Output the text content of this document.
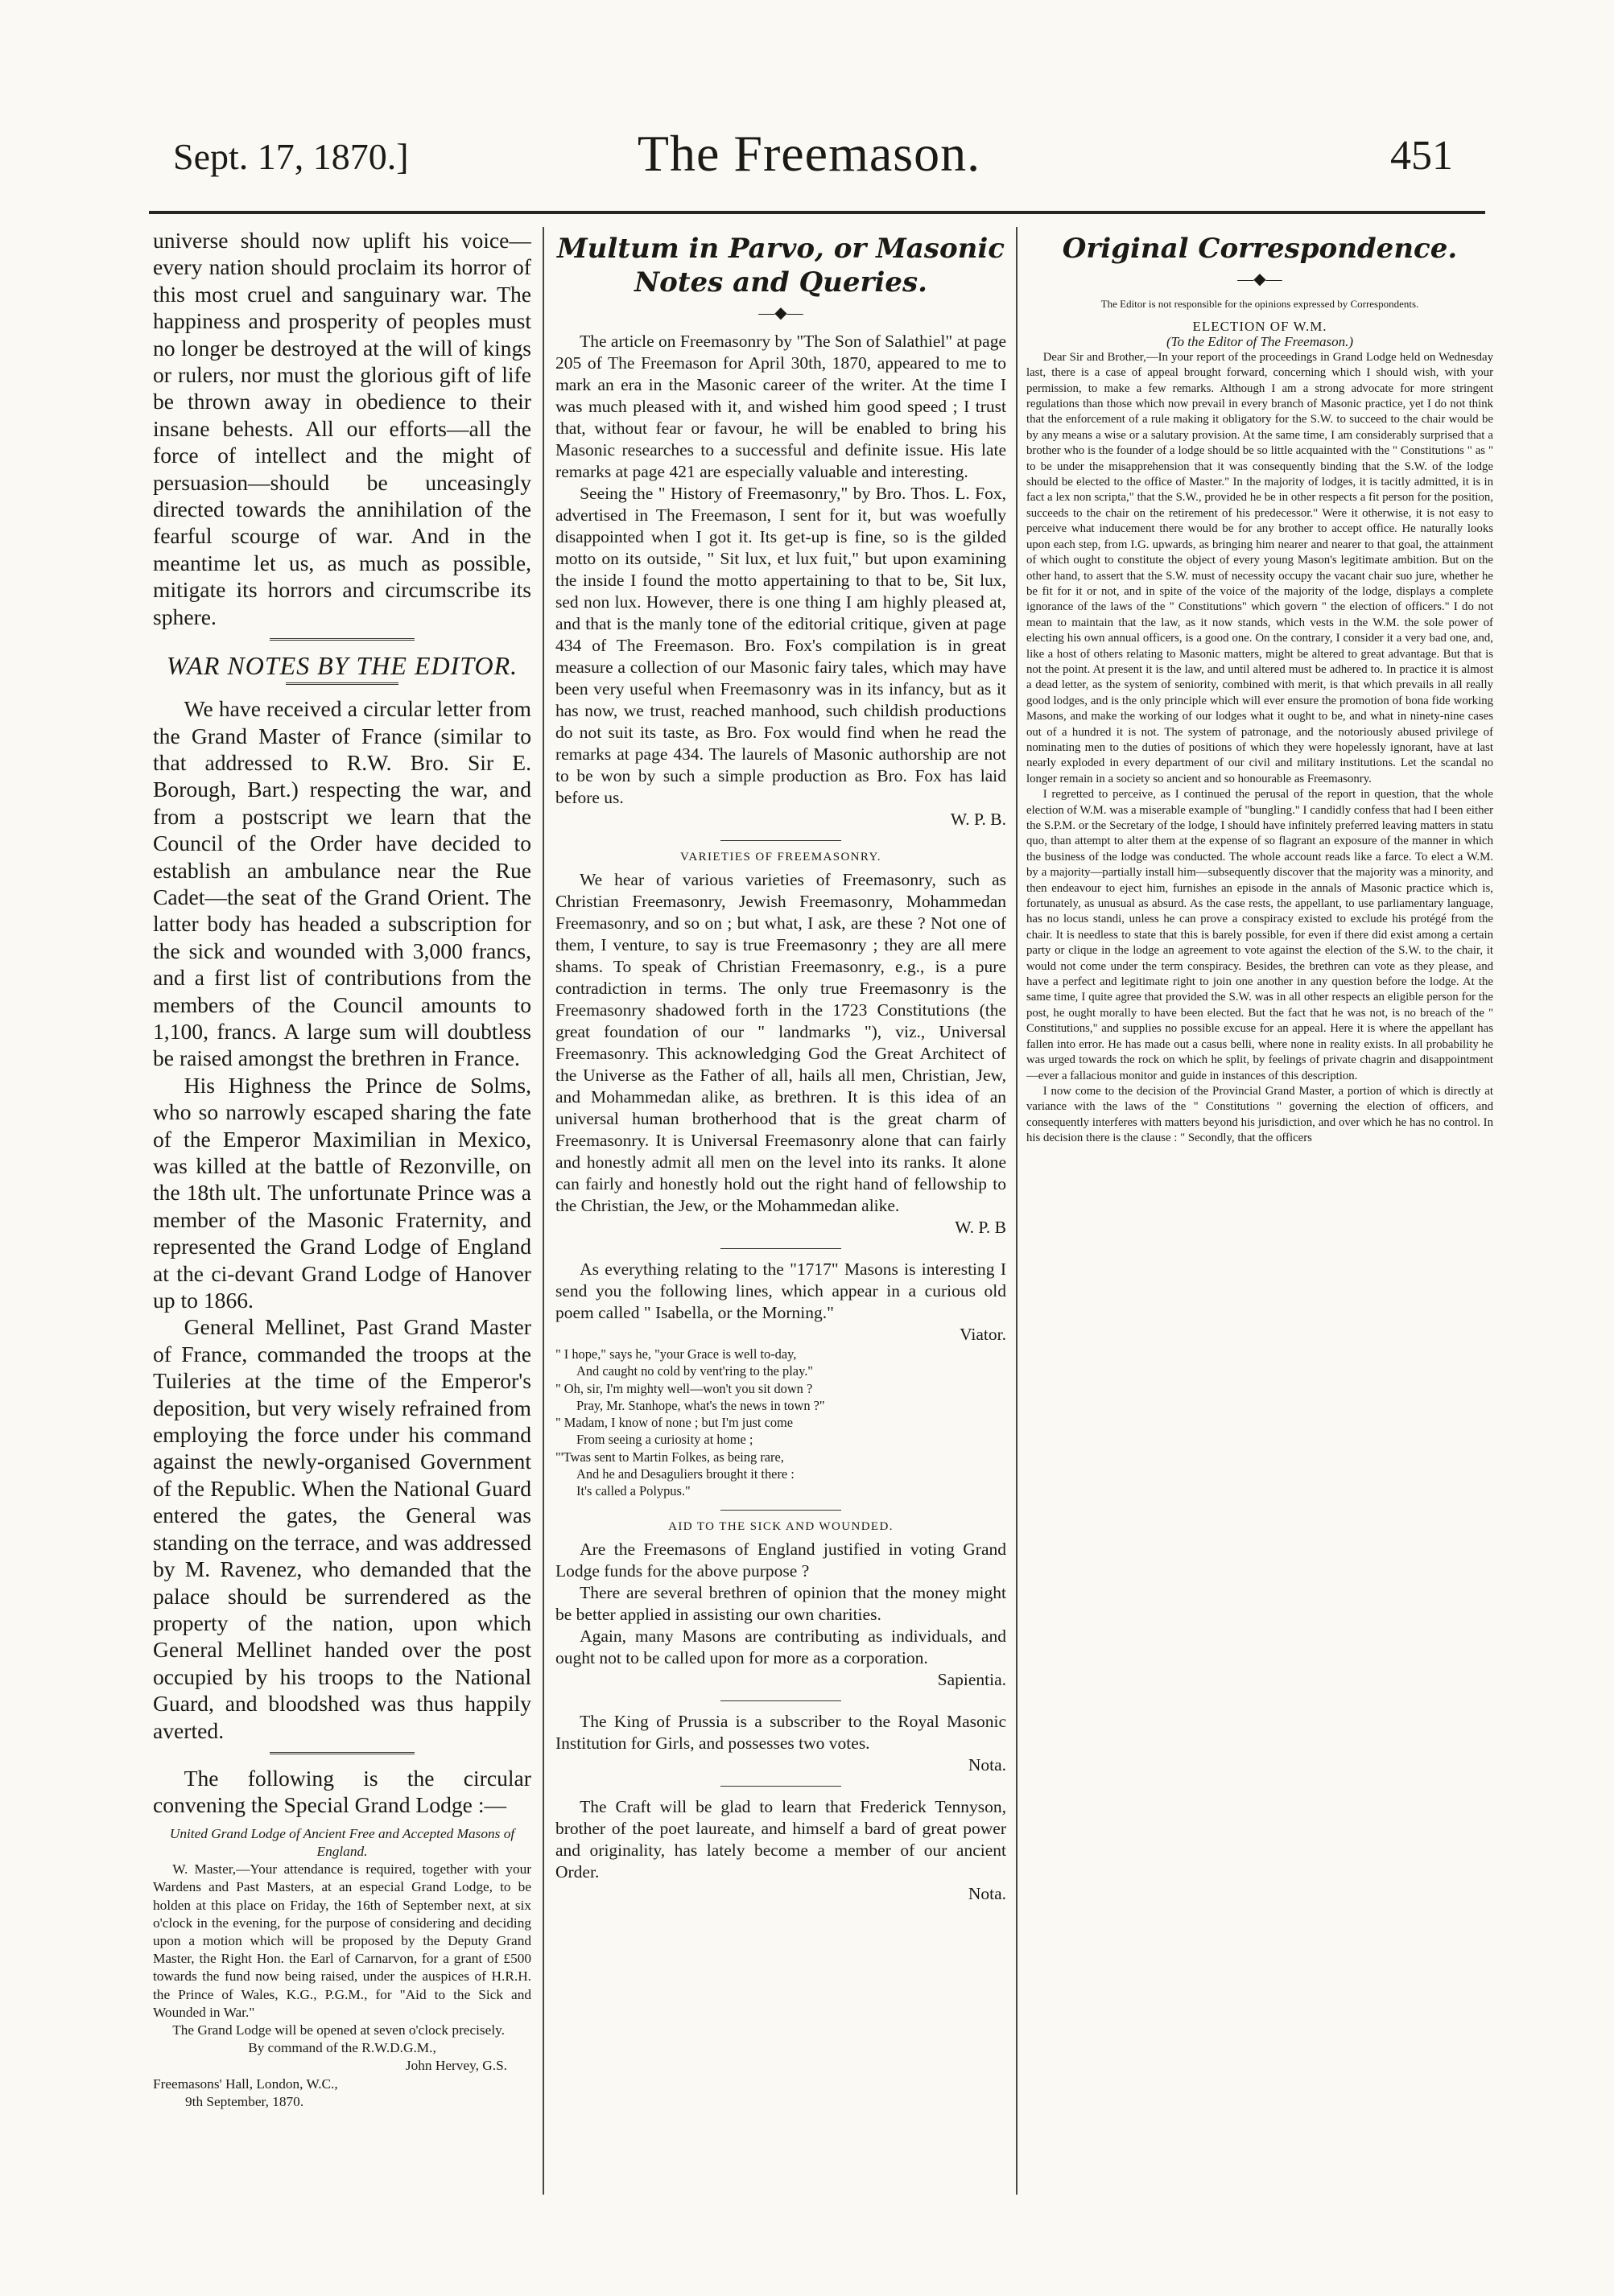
Sept. 17, 1870.]	The Freemason.	451

universe should now uplift his voice—every nation should proclaim its horror of this most cruel and sanguinary war. The happiness and prosperity of peoples must no longer be destroyed at the will of kings or rulers, nor must the glorious gift of life be thrown away in obedience to their insane behests. All our efforts—all the force of intellect and the might of persuasion—should be unceasingly directed towards the annihilation of the fearful scourge of war. And in the meantime let us, as much as possible, mitigate its horrors and circumscribe its sphere.

WAR NOTES BY THE EDITOR.

We have received a circular letter from the Grand Master of France (similar to that addressed to R.W. Bro. Sir E. Borough, Bart.) respecting the war, and from a postscript we learn that the Council of the Order have decided to establish an ambulance near the Rue Cadet—the seat of the Grand Orient. The latter body has headed a subscription for the sick and wounded with 3,000 francs, and a first list of contributions from the members of the Council amounts to 1,100, francs. A large sum will doubtless be raised amongst the brethren in France.

His Highness the Prince de Solms, who so narrowly escaped sharing the fate of the Emperor Maximilian in Mexico, was killed at the battle of Rezonville, on the 18th ult. The unfortunate Prince was a member of the Masonic Fraternity, and represented the Grand Lodge of England at the ci-devant Grand Lodge of Hanover up to 1866.

General Mellinet, Past Grand Master of France, commanded the troops at the Tuileries at the time of the Emperor's deposition, but very wisely refrained from employing the force under his command against the newly-organised Government of the Republic. When the National Guard entered the gates, the General was standing on the terrace, and was addressed by M. Ravenez, who demanded that the palace should be surrendered as the property of the nation, upon which General Mellinet handed over the post occupied by his troops to the National Guard, and bloodshed was thus happily averted.

The following is the circular convening the Special Grand Lodge :—

United Grand Lodge of Ancient Free and Accepted Masons of England.

W. Master,—Your attendance is required, together with your Wardens and Past Masters, at an especial Grand Lodge, to be holden at this place on Friday, the 16th of September next, at six o'clock in the evening, for the purpose of considering and deciding upon a motion which will be proposed by the Deputy Grand Master, the Right Hon. the Earl of Carnarvon, for a grant of £500 towards the fund now being raised, under the auspices of H.R.H. the Prince of Wales, K.G., P.G.M., for "Aid to the Sick and Wounded in War."

The Grand Lodge will be opened at seven o'clock precisely.

By command of the R.W.D.G.M.,

John Hervey, G.S.

Freemasons' Hall, London, W.C.,

9th September, 1870.

Multum in Parvo, or Masonic Notes and Queries.
—◆—

The article on Freemasonry by "The Son of Salathiel" at page 205 of The Freemason for April 30th, 1870, appeared to me to mark an era in the Masonic career of the writer. At the time I was much pleased with it, and wished him good speed ; I trust that, without fear or favour, he will be enabled to bring his Masonic researches to a successful and definite issue. His late remarks at page 421 are especially valuable and interesting.

Seeing the " History of Freemasonry," by Bro. Thos. L. Fox, advertised in The Freemason, I sent for it, but was woefully disappointed when I got it. Its get-up is fine, so is the gilded motto on its outside, " Sit lux, et lux fuit," but upon examining the inside I found the motto appertaining to that to be, Sit lux, sed non lux. However, there is one thing I am highly pleased at, and that is the manly tone of the editorial critique, given at page 434 of The Freemason. Bro. Fox's compilation is in great measure a collection of our Masonic fairy tales, which may have been very useful when Freemasonry was in its infancy, but as it has now, we trust, reached manhood, such childish productions do not suit its taste, as Bro. Fox would find when he read the remarks at page 434. The laurels of Masonic authorship are not to be won by such a simple production as Bro. Fox has laid before us.

W. P. B.

VARIETIES OF FREEMASONRY.

We hear of various varieties of Freemasonry, such as Christian Freemasonry, Jewish Freemasonry, Mohammedan Freemasonry, and so on ; but what, I ask, are these ? Not one of them, I venture, to say is true Freemasonry ; they are all mere shams. To speak of Christian Freemasonry, e.g., is a pure contradiction in terms. The only true Freemasonry is the Freemasonry shadowed forth in the 1723 Constitutions (the great foundation of our " landmarks "), viz., Universal Freemasonry. This acknowledging God the Great Architect of the Universe as the Father of all, hails all men, Christian, Jew, and Mohammedan alike, as brethren. It is this idea of an universal human brotherhood that is the great charm of Freemasonry. It is Universal Freemasonry alone that can fairly and honestly admit all men on the level into its ranks. It alone can fairly and honestly hold out the right hand of fellowship to the Christian, the Jew, or the Mohammedan alike.

W. P. B

As everything relating to the "1717" Masons is interesting I send you the following lines, which appear in a curious old poem called " Isabella, or the Morning."

Viator.

" I hope," says he, "your Grace is well to-day,

And caught no cold by vent'ring to the play."

" Oh, sir, I'm mighty well—won't you sit down ?

Pray, Mr. Stanhope, what's the news in town ?"

" Madam, I know of none ; but I'm just come

From seeing a curiosity at home ;

"'Twas sent to Martin Folkes, as being rare,

And he and Desaguliers brought it there :

It's called a Polypus."

AID TO THE SICK AND WOUNDED.

Are the Freemasons of England justified in voting Grand Lodge funds for the above purpose ?

There are several brethren of opinion that the money might be better applied in assisting our own charities.

Again, many Masons are contributing as individuals, and ought not to be called upon for more as a corporation.

Sapientia.

The King of Prussia is a subscriber to the Royal Masonic Institution for Girls, and possesses two votes.

Nota.

The Craft will be glad to learn that Frederick Tennyson, brother of the poet laureate, and himself a bard of great power and originality, has lately become a member of our ancient Order.

Nota.

Original Correspondence.
—◆—

The Editor is not responsible for the opinions expressed by Correspondents.

ELECTION OF W.M.

(To the Editor of The Freemason.)

Dear Sir and Brother,—In your report of the proceedings in Grand Lodge held on Wednesday last, there is a case of appeal brought forward, concerning which I should wish, with your permission, to make a few remarks. Although I am a strong advocate for more stringent regulations than those which now prevail in every branch of Masonic practice, yet I do not think that the enforcement of a rule making it obligatory for the S.W. to succeed to the chair would be by any means a wise or a salutary provision. At the same time, I am considerably surprised that a brother who is the founder of a lodge should be so little acquainted with the " Constitutions " as " to be under the misapprehension that it was consequently binding that the S.W. of the lodge should be elected to the office of Master." In the majority of lodges, it is tacitly admitted, it is in fact a lex non scripta," that the S.W., provided he be in other respects a fit person for the position, succeeds to the chair on the retirement of his predecessor." Were it otherwise, it is not easy to perceive what inducement there would be for any brother to accept office. He naturally looks upon each step, from I.G. upwards, as bringing him nearer and nearer to that goal, the attainment of which ought to constitute the object of every young Mason's legitimate ambition. But on the other hand, to assert that the S.W. must of necessity occupy the vacant chair suo jure, whether he be fit for it or not, and in spite of the voice of the majority of the lodge, displays a complete ignorance of the laws of the " Constitutions" which govern " the election of officers." I do not mean to maintain that the law, as it now stands, which vests in the W.M. the sole power of electing his own annual officers, is a good one. On the contrary, I consider it a very bad one, and, like a host of others relating to Masonic matters, might be altered to great advantage. But that is not the point. At present it is the law, and until altered must be adhered to. In practice it is almost a dead letter, as the system of seniority, combined with merit, is that which prevails in all really good lodges, and is the only principle which will ever ensure the promotion of bona fide working Masons, and make the working of our lodges what it ought to be, and what in ninety-nine cases out of a hundred it is not. The system of patronage, and the notoriously abused privilege of nominating men to the duties of positions of which they were hopelessly ignorant, have at last nearly exploded in every department of our civil and military institutions. Let the scandal no longer remain in a society so ancient and so honourable as Freemasonry.

I regretted to perceive, as I continued the perusal of the report in question, that the whole election of W.M. was a miserable example of "bungling." I candidly confess that had I been either the S.P.M. or the Secretary of the lodge, I should have infinitely preferred leaving matters in statu quo, than attempt to alter them at the expense of so flagrant an exposure of the manner in which the business of the lodge was conducted. The whole account reads like a farce. To elect a W.M. by a majority—partially install him—subsequently discover that the majority was a minority, and then endeavour to eject him, furnishes an episode in the annals of Masonic practice which is, fortunately, as unusual as absurd. As the case rests, the appellant, to use parliamentary language, has no locus standi, unless he can prove a conspiracy existed to exclude his protégé from the chair. It is needless to state that this is barely possible, for even if there did exist among a certain party or clique in the lodge an agreement to vote against the election of the S.W. to the chair, it would not come under the term conspiracy. Besides, the brethren can vote as they please, and have a perfect and legitimate right to join one another in any question before the lodge. At the same time, I quite agree that provided the S.W. was in all other respects an eligible person for the post, he ought morally to have been elected. But the fact that he was not, is no breach of the " Constitutions," and supplies no possible excuse for an appeal. Here it is where the appellant has fallen into error. He has made out a casus belli, where none in reality exists. In all probability he was urged towards the rock on which he split, by feelings of private chagrin and disappointment—ever a fallacious monitor and guide in instances of this description.

I now come to the decision of the Provincial Grand Master, a portion of which is directly at variance with the laws of the " Constitutions " governing the election of officers, and consequently interferes with matters beyond his jurisdiction, and over which he has no control. In his decision there is the clause : " Secondly, that the officers
